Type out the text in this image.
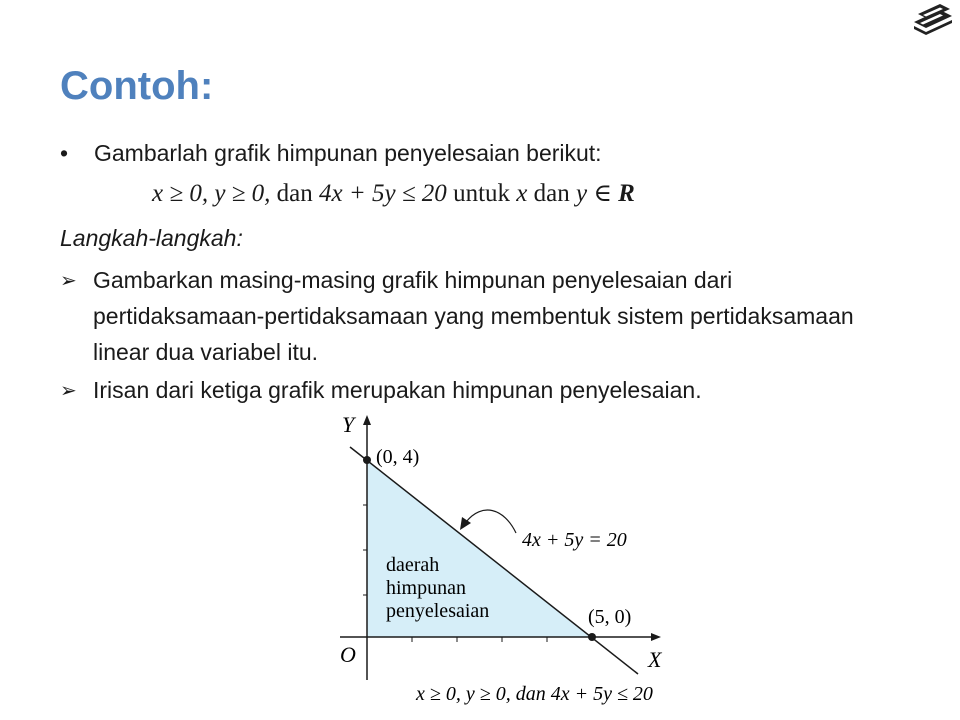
Contoh:
•	Gambarlah grafik himpunan penyelesaian berikut:
x ≥ 0, y ≥ 0, dan 4x + 5y ≤ 20 untuk x dan y ∈ R
Langkah-langkah:
➢ Gambarkan masing-masing grafik himpunan penyelesaian dari pertidaksamaan-pertidaksamaan yang membentuk sistem pertidaksamaan linear dua variabel itu.
➢ Irisan dari ketiga grafik merupakan himpunan penyelesaian.
Y
X
O
(0, 4)
(5, 0)
4x + 5y = 20
daerah
himpunan
penyelesaian
x ≥ 0, y ≥ 0, dan 4x + 5y ≤ 20
